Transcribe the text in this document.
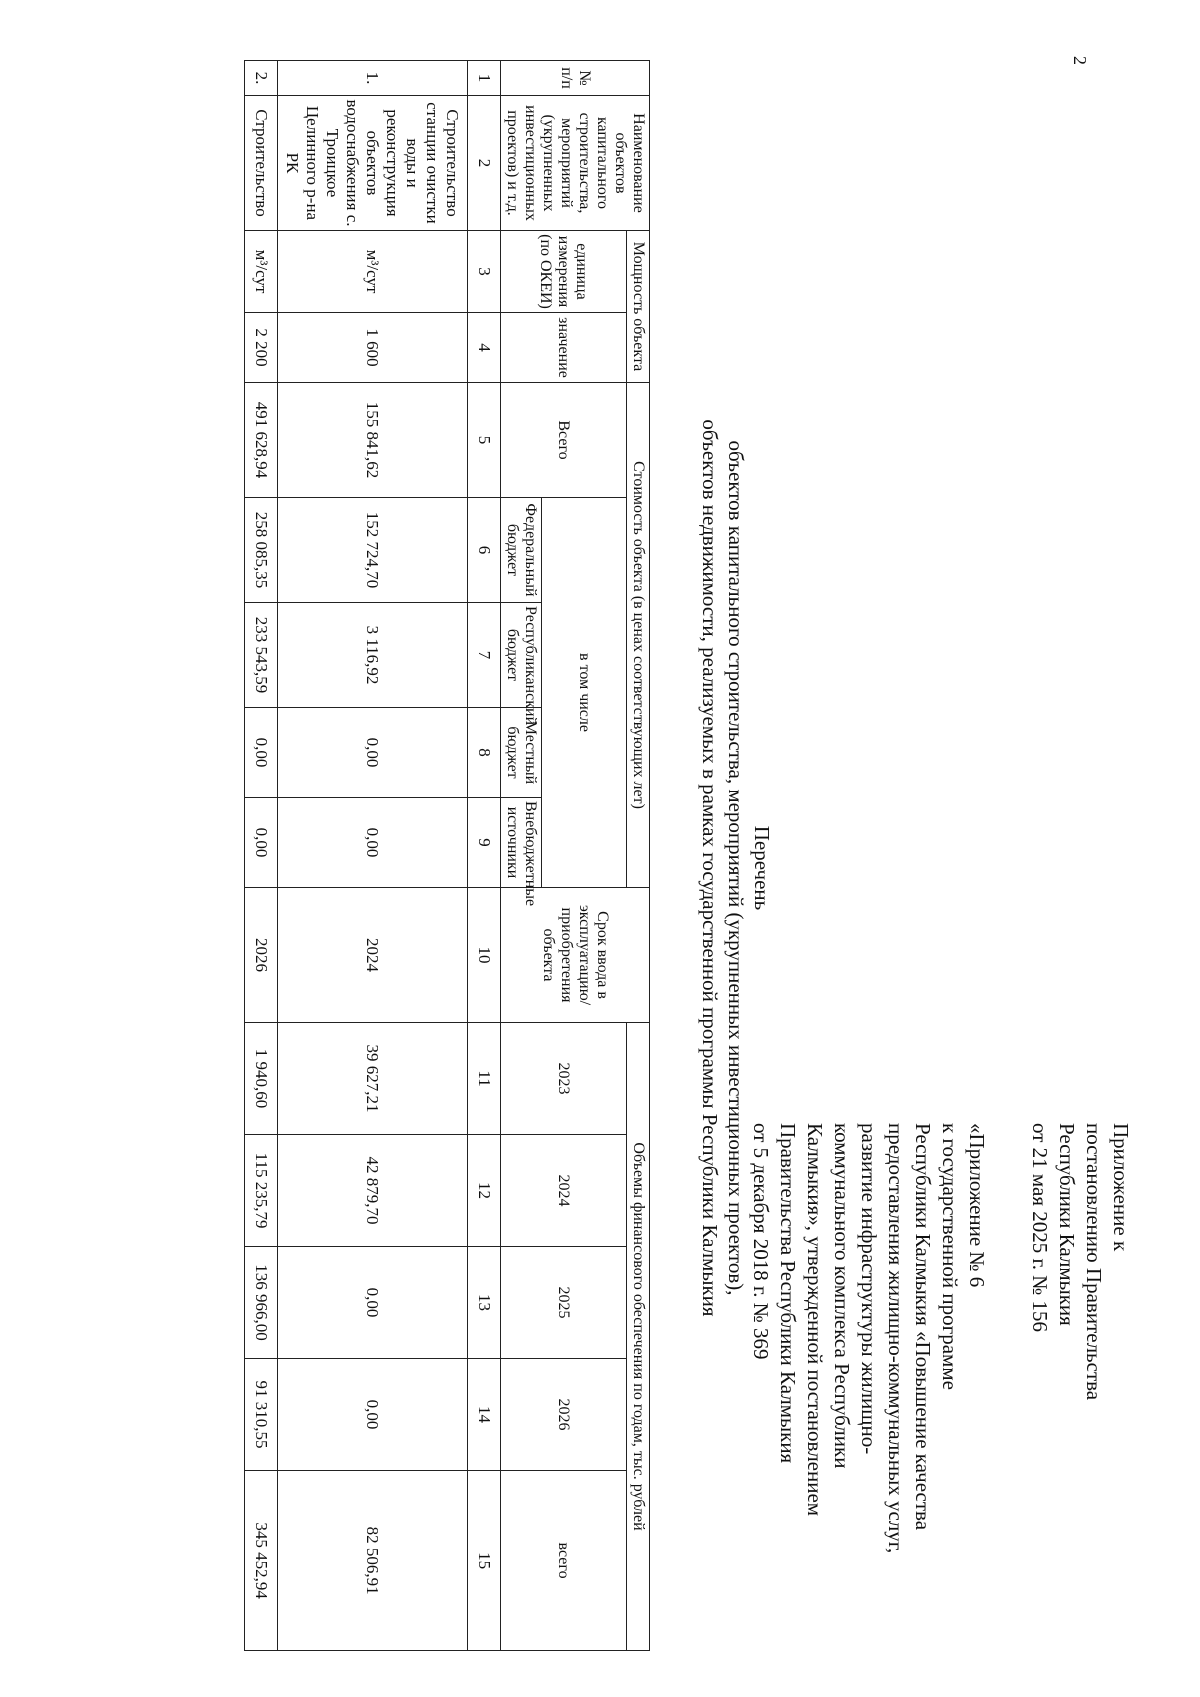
2
Приложение к
постановлению Правительства
Республики Калмыкия
от 21 мая 2025 г. № 156
«Приложение № 6
к государственной программе
Республики Калмыкия «Повышение качества
предоставления жилищно-коммунальных услуг,
развитие инфраструктуры жилищно-
коммунального комплекса Республики
Калмыкия», утвержденной постановлением
Правительства Республики Калмыкия
от 5 декабря 2018 г. № 369
Перечень
объектов капитального строительства, мероприятий (укрупненных инвестиционных проектов),
объектов недвижимости, реализуемых в рамках государственной программы Республики Калмыкия
№ п/п	Наименование объектов капитального строительства, мероприятий (укрупненных инвестиционных проектов) и т.д.	Мощность объекта		Стоимость объекта (в ценах соответствующих лет)					Срок ввода в эксплуатацию/ приобретения объекта	Объемы финансового обеспечения по годам, тыс. рублей				
		единица измерения (по ОКЕИ)	значение	Всего	в том числе					2023	2024	2025	2026	всего
					Федеральный бюджет	Республиканский бюджет	Местный бюджет	Внебюджетные источники						
1	2	3	4	5	6	7	8	9	10	11	12	13	14	15
1.	Строительство станции очистки воды и реконструкция объектов водоснабжения с. Троицкое Целинного р-на РК	м³/сут	1 600	155 841,62	152 724,70	3 116,92	0,00	0,00	2024	39 627,21	42 879,70	0,00	0,00	82 506,91
2.	Строительство	м³/сут	2 200	491 628,94	258 085,35	233 543,59	0,00	0,00	2026	1 940,60	115 235,79	136 966,00	91 310,55	345 452,94
